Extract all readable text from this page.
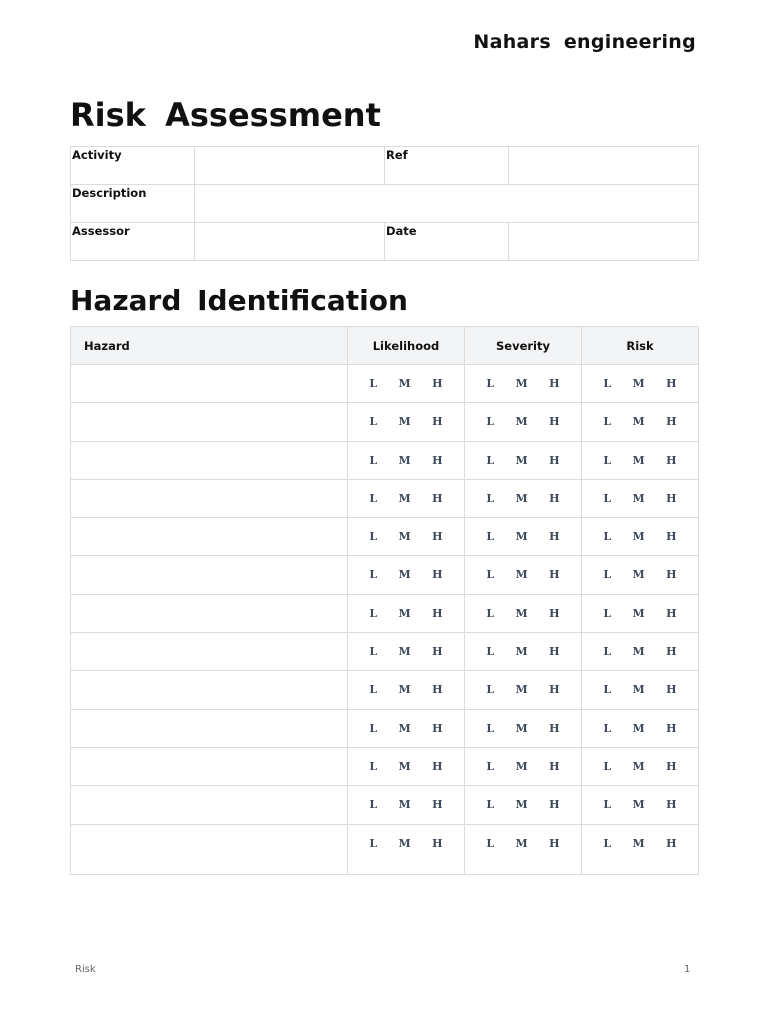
Nahars engineering
Risk Assessment
Activity		Ref	
Description			
Assessor		Date	
Hazard Identification
Hazard	Likelihood	Severity	Risk

	L M H	L M H	L M H

	L M H	L M H	L M H

	L M H	L M H	L M H

	L M H	L M H	L M H

	L M H	L M H	L M H

	L M H	L M H	L M H

	L M H	L M H	L M H

	L M H	L M H	L M H

	L M H	L M H	L M H

	L M H	L M H	L M H

	L M H	L M H	L M H

	L M H	L M H	L M H

	L M H	L M H	L M H
Risk	1
